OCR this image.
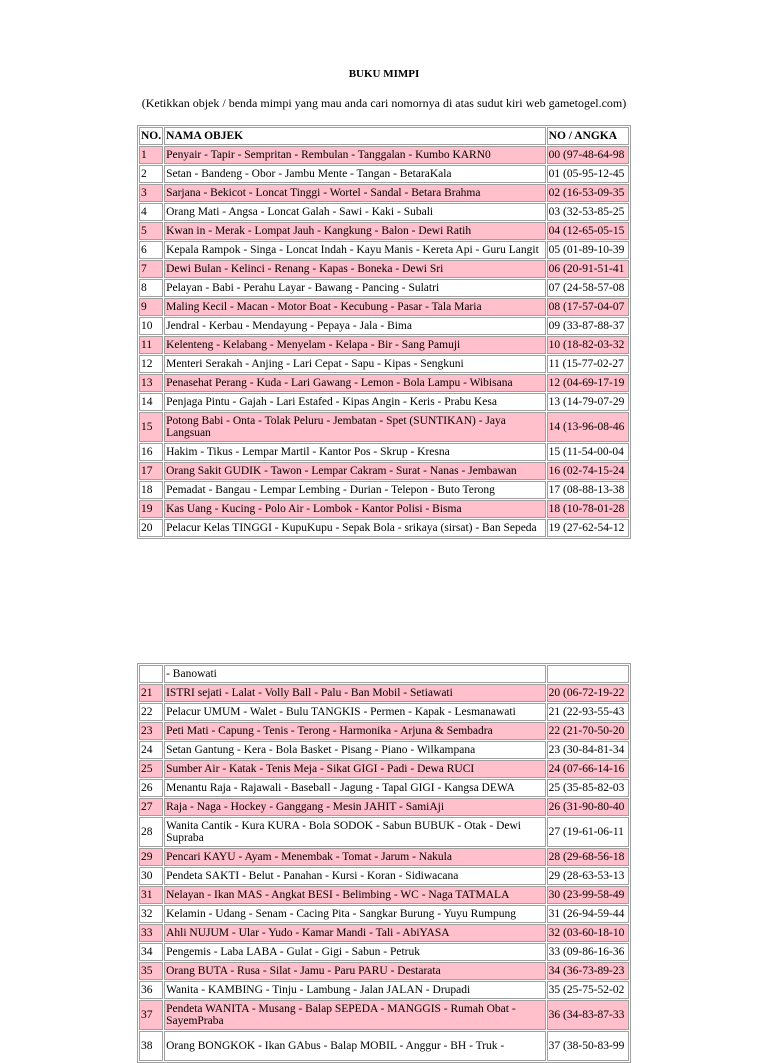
BUKU MIMPI
(Ketikkan objek / benda mimpi yang mau anda cari nomornya di atas sudut kiri web gametogel.com)
NO.	NAMA OBJEK	NO / ANGKA
1	Penyair - Tapir - Sempritan - Rembulan - Tanggalan - Kumbo KARN0	00 (97-48-64-98
2	Setan - Bandeng - Obor - Jambu Mente - Tangan - BetaraKala	01 (05-95-12-45
3	Sarjana - Bekicot - Loncat Tinggi - Wortel - Sandal - Betara Brahma	02 (16-53-09-35
4	Orang Mati - Angsa - Loncat Galah - Sawi - Kaki - Subali	03 (32-53-85-25
5	Kwan in - Merak - Lompat Jauh - Kangkung - Balon - Dewi Ratih	04 (12-65-05-15
6	Kepala Rampok - Singa - Loncat Indah - Kayu Manis - Kereta Api - Guru Langit	05 (01-89-10-39
7	Dewi Bulan - Kelinci - Renang - Kapas - Boneka - Dewi Sri	06 (20-91-51-41
8	Pelayan - Babi - Perahu Layar - Bawang - Pancing - Sulatri	07 (24-58-57-08
9	Maling Kecil - Macan - Motor Boat - Kecubung - Pasar - Tala Maria	08 (17-57-04-07
10	Jendral - Kerbau - Mendayung - Pepaya - Jala - Bima	09 (33-87-88-37
11	Kelenteng - Kelabang - Menyelam - Kelapa - Bir - Sang Pamuji	10 (18-82-03-32
12	Menteri Serakah - Anjing - Lari Cepat - Sapu - Kipas - Sengkuni	11 (15-77-02-27
13	Penasehat Perang - Kuda - Lari Gawang - Lemon - Bola Lampu - Wibisana	12 (04-69-17-19
14	Penjaga Pintu - Gajah - Lari Estafed - Kipas Angin - Keris - Prabu Kesa	13 (14-79-07-29
15	Potong Babi - Onta - Tolak Peluru - Jembatan - Spet (SUNTIKAN) - Jaya Langsuan	14 (13-96-08-46
16	Hakim - Tikus - Lempar Martil - Kantor Pos - Skrup - Kresna	15 (11-54-00-04
17	Orang Sakit GUDIK - Tawon - Lempar Cakram - Surat - Nanas - Jembawan	16 (02-74-15-24
18	Pemadat - Bangau - Lempar Lembing - Durian - Telepon - Buto Terong	17 (08-88-13-38
19	Kas Uang - Kucing - Polo Air - Lombok - Kantor Polisi - Bisma	18 (10-78-01-28
20	Pelacur Kelas TINGGI - KupuKupu - Sepak Bola - srikaya (sirsat) - Ban Sepeda	19 (27-62-54-12
	- Banowati	
21	ISTRI sejati - Lalat - Volly Ball - Palu - Ban Mobil - Setiawati	20 (06-72-19-22
22	Pelacur UMUM - Walet - Bulu TANGKIS - Permen - Kapak - Lesmanawati	21 (22-93-55-43
23	Peti Mati - Capung - Tenis - Terong - Harmonika - Arjuna & Sembadra	22 (21-70-50-20
24	Setan Gantung - Kera - Bola Basket - Pisang - Piano - Wilkampana	23 (30-84-81-34
25	Sumber Air - Katak - Tenis Meja - Sikat GIGI - Padi - Dewa RUCI	24 (07-66-14-16
26	Menantu Raja - Rajawali - Baseball - Jagung - Tapal GIGI - Kangsa DEWA	25 (35-85-82-03
27	Raja - Naga - Hockey - Ganggang - Mesin JAHIT - SamiAji	26 (31-90-80-40
28	Wanita Cantik - Kura KURA - Bola SODOK - Sabun BUBUK - Otak - Dewi Supraba	27 (19-61-06-11
29	Pencari KAYU - Ayam - Menembak - Tomat - Jarum - Nakula	28 (29-68-56-18
30	Pendeta SAKTI - Belut - Panahan - Kursi - Koran - Sidiwacana	29 (28-63-53-13
31	Nelayan - Ikan MAS - Angkat BESI - Belimbing - WC - Naga TATMALA	30 (23-99-58-49
32	Kelamin - Udang - Senam - Cacing Pita - Sangkar Burung - Yuyu Rumpung	31 (26-94-59-44
33	Ahli NUJUM - Ular - Yudo - Kamar Mandi - Tali - AbiYASA	32 (03-60-18-10
34	Pengemis - Laba LABA - Gulat - Gigi - Sabun - Petruk	33 (09-86-16-36
35	Orang BUTA - Rusa - Silat - Jamu - Paru PARU - Destarata	34 (36-73-89-23
36	Wanita - KAMBING - Tinju - Lambung - Jalan JALAN - Drupadi	35 (25-75-52-02
37	Pendeta WANITA - Musang - Balap SEPEDA - MANGGIS - Rumah Obat - SayemPraba	36 (34-83-87-33
38	Orang BONGKOK - Ikan GAbus - Balap MOBIL - Anggur - BH - Truk -	37 (38-50-83-99
